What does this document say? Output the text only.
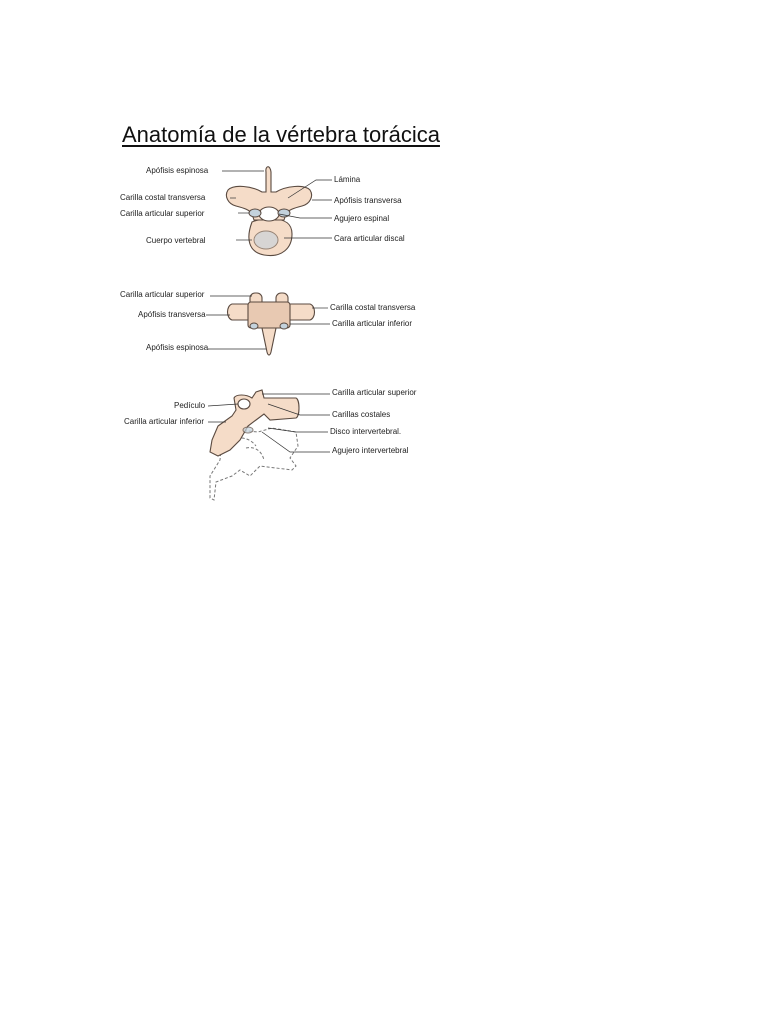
Anatomía de la vértebra torácica
Apófisis espinosa
Carilla costal transversa
Carilla articular superior
Cuerpo vertebral
Lámina
Apófisis transversa
Agujero espinal
Cara articular discal
Carilla articular superior
Apófisis transversa
Apófisis espinosa
Carilla costal transversa
Carilla articular inferior
Pedículo
Carilla articular inferior
Carilla articular superior
Carillas costales
Disco intervertebral.
Agujero intervertebral
